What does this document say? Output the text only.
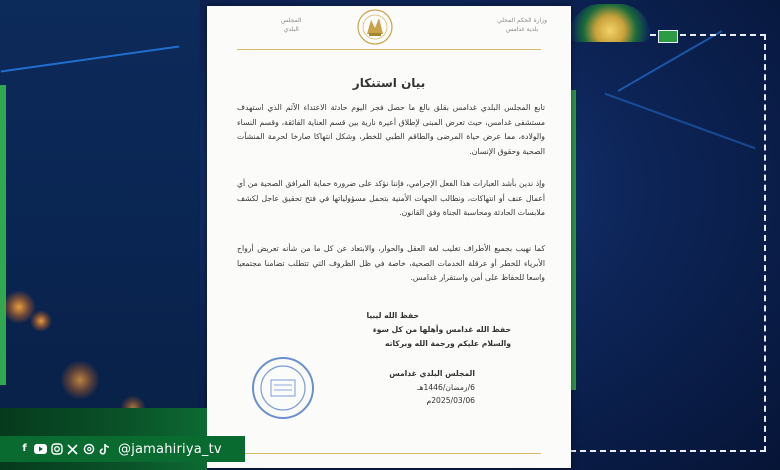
وزارة الحكم المحلي
بلدية غدامس
المجلس
البلدي
بيان استنكار
تابع المجلس البلدي غدامس بقلق بالغ ما حصل فجر اليوم حادثة الاعتداء الآثم الذي استهدف مستشفى غدامس، حيث تعرض المبنى لإطلاق أعيرة نارية بين قسم العناية الفائقة، وقسم النساء والولادة، مما عرض حياة المرضى والطاقم الطبي للخطر، وشكل انتهاكا صارخا لحرمة المنشآت الصحية وحقوق الإنسان.
وإذ ندين بأشد العبارات هذا الفعل الإجرامي، فإننا نؤكد على ضرورة حماية المرافق الصحية من أي أعمال عنف أو انتهاكات، ونطالب الجهات الأمنية بتحمل مسؤولياتها في فتح تحقيق عاجل لكشف ملابسات الحادثة ومحاسبة الجناة وفق القانون.
كما نهيب بجميع الأطراف تغليب لغة العقل والحوار، والابتعاد عن كل ما من شأنه تعريض أرواح الأبرياء للخطر أو عرقلة الخدمات الصحية، خاصة في ظل الظروف التي تتطلب تضامنا مجتمعيا واسعا للحفاظ على أمن واستقرار غدامس.
حفظ الله ليبيا
حفظ الله غدامس وأهلها من كل سوء
والسلام عليكم ورحمة الله وبركاته
المجلس البلدي غدامس
6/رمضان/1446هـ
2025/03/06م
f	@jamahiriya_tv
